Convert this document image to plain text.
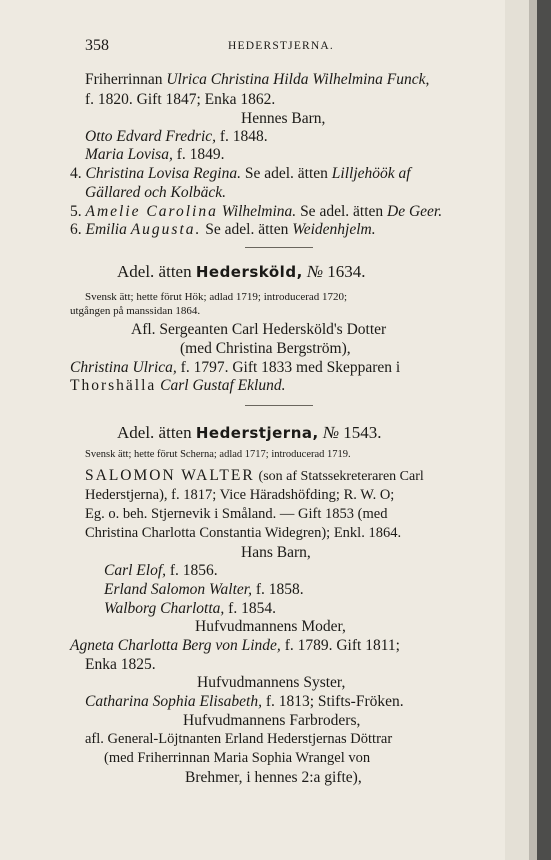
358	HEDERSTJERNA.
Friherrinnan Ulrica Christina Hilda Wilhelmina Funck,
f. 1820. Gift 1847; Enka 1862.
Hennes Barn,
Otto Edvard Fredric, f. 1848.
Maria Lovisa, f. 1849.
4. Christina Lovisa Regina. Se adel. ätten Lilljehöök af
Gällared och Kolbäck.
5. Amelie Carolina Wilhelmina. Se adel. ätten De Geer.
6. Emilia Augusta. Se adel. ätten Weidenhjelm.
Adel. ätten Hedersköld, № 1634.
Svensk ätt; hette förut Hök; adlad 1719; introducerad 1720;
utgången på manssidan 1864.
Afl. Sergeanten Carl Hedersköld's Dotter
(med Christina Bergström),
Christina Ulrica, f. 1797. Gift 1833 med Skepparen i
Thorshälla Carl Gustaf Eklund.
Adel. ätten Hederstjerna, № 1543.
Svensk ätt; hette förut Scherna; adlad 1717; introducerad 1719.
SALOMON WALTER (son af Statssekreteraren Carl
Hederstjerna), f. 1817; Vice Häradshöfding; R. W. O;
Eg. o. beh. Stjernevik i Småland. — Gift 1853 (med
Christina Charlotta Constantia Widegren); Enkl. 1864.
Hans Barn,
Carl Elof, f. 1856.
Erland Salomon Walter, f. 1858.
Walborg Charlotta, f. 1854.
Hufvudmannens Moder,
Agneta Charlotta Berg von Linde, f. 1789. Gift 1811;
Enka 1825.
Hufvudmannens Syster,
Catharina Sophia Elisabeth, f. 1813; Stifts-Fröken.
Hufvudmannens Farbroders,
afl. General-Löjtnanten Erland Hederstjernas Döttrar
(med Friherrinnan Maria Sophia Wrangel von
Brehmer, i hennes 2:a gifte),
